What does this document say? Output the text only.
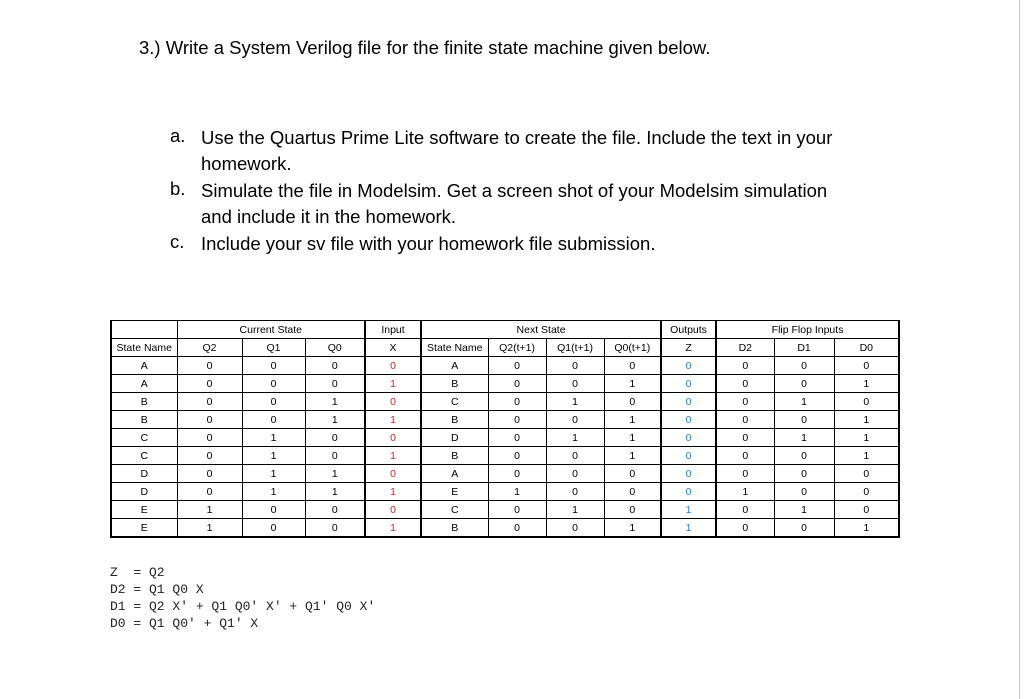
3.) Write a System Verilog file for the finite state machine given below.
a. Use the Quartus Prime Lite software to create the file. Include the text in your
homework.
b. Simulate the file in Modelsim. Get a screen shot of your Modelsim simulation
and include it in the homework.
c. Include your sv file with your homework file submission.
	Current State			Input	Next State				Outputs	Flip Flop Inputs		
State Name	Q2	Q1	Q0	X	State Name	Q2(t+1)	Q1(t+1)	Q0(t+1)	Z	D2	D1	D0
A	0	0	0	0	A	0	0	0	0	0	0	0
A	0	0	0	1	B	0	0	1	0	0	0	1
B	0	0	1	0	C	0	1	0	0	0	1	0
B	0	0	1	1	B	0	0	1	0	0	0	1
C	0	1	0	0	D	0	1	1	0	0	1	1
C	0	1	0	1	B	0	0	1	0	0	0	1
D	0	1	1	0	A	0	0	0	0	0	0	0
D	0	1	1	1	E	1	0	0	0	1	0	0
E	1	0	0	0	C	0	1	0	1	0	1	0
E	1	0	0	1	B	0	0	1	1	0	0	1
Z  = Q2
D2 = Q1 Q0 X
D1 = Q2 X' + Q1 Q0' X' + Q1' Q0 X'
D0 = Q1 Q0' + Q1' X
